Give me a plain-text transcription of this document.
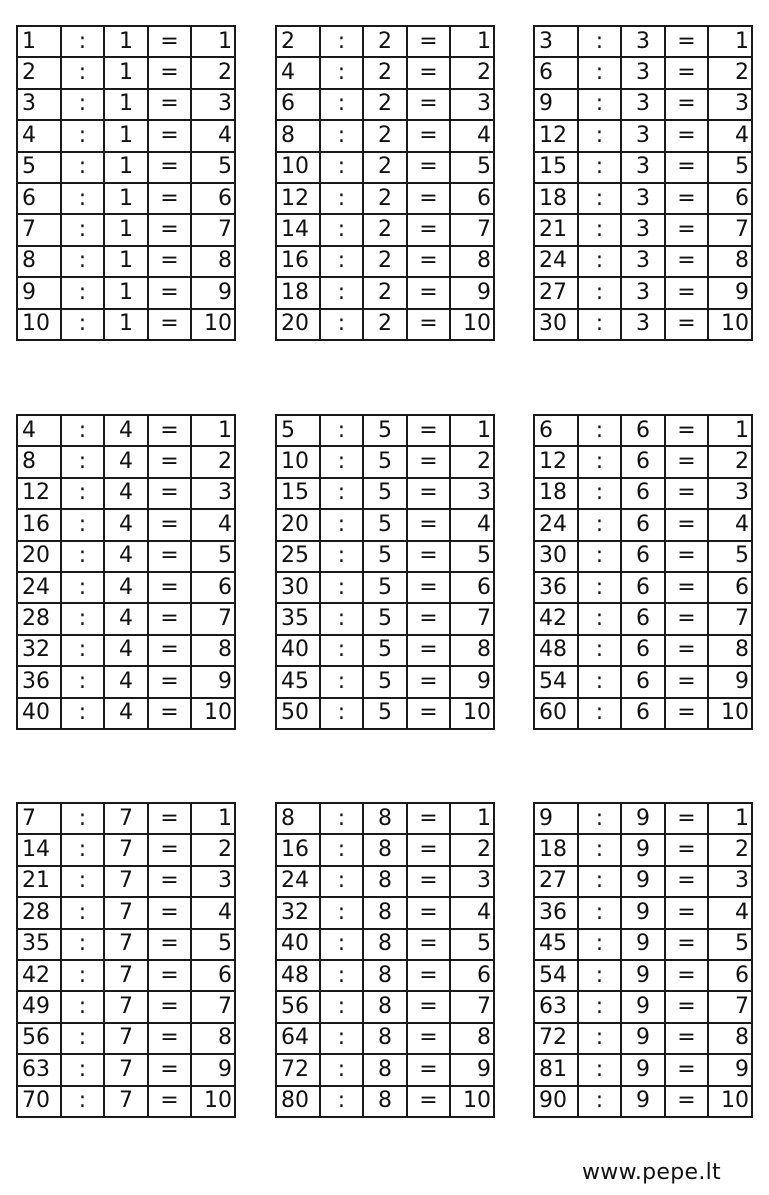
1	:	1	=	1
2	:	1	=	2
3	:	1	=	3
4	:	1	=	4
5	:	1	=	5
6	:	1	=	6
7	:	1	=	7
8	:	1	=	8
9	:	1	=	9
10	:	1	=	10
2	:	2	=	1
4	:	2	=	2
6	:	2	=	3
8	:	2	=	4
10	:	2	=	5
12	:	2	=	6
14	:	2	=	7
16	:	2	=	8
18	:	2	=	9
20	:	2	=	10
3	:	3	=	1
6	:	3	=	2
9	:	3	=	3
12	:	3	=	4
15	:	3	=	5
18	:	3	=	6
21	:	3	=	7
24	:	3	=	8
27	:	3	=	9
30	:	3	=	10
4	:	4	=	1
8	:	4	=	2
12	:	4	=	3
16	:	4	=	4
20	:	4	=	5
24	:	4	=	6
28	:	4	=	7
32	:	4	=	8
36	:	4	=	9
40	:	4	=	10
5	:	5	=	1
10	:	5	=	2
15	:	5	=	3
20	:	5	=	4
25	:	5	=	5
30	:	5	=	6
35	:	5	=	7
40	:	5	=	8
45	:	5	=	9
50	:	5	=	10
6	:	6	=	1
12	:	6	=	2
18	:	6	=	3
24	:	6	=	4
30	:	6	=	5
36	:	6	=	6
42	:	6	=	7
48	:	6	=	8
54	:	6	=	9
60	:	6	=	10
7	:	7	=	1
14	:	7	=	2
21	:	7	=	3
28	:	7	=	4
35	:	7	=	5
42	:	7	=	6
49	:	7	=	7
56	:	7	=	8
63	:	7	=	9
70	:	7	=	10
8	:	8	=	1
16	:	8	=	2
24	:	8	=	3
32	:	8	=	4
40	:	8	=	5
48	:	8	=	6
56	:	8	=	7
64	:	8	=	8
72	:	8	=	9
80	:	8	=	10
9	:	9	=	1
18	:	9	=	2
27	:	9	=	3
36	:	9	=	4
45	:	9	=	5
54	:	9	=	6
63	:	9	=	7
72	:	9	=	8
81	:	9	=	9
90	:	9	=	10
www.pepe.lt
